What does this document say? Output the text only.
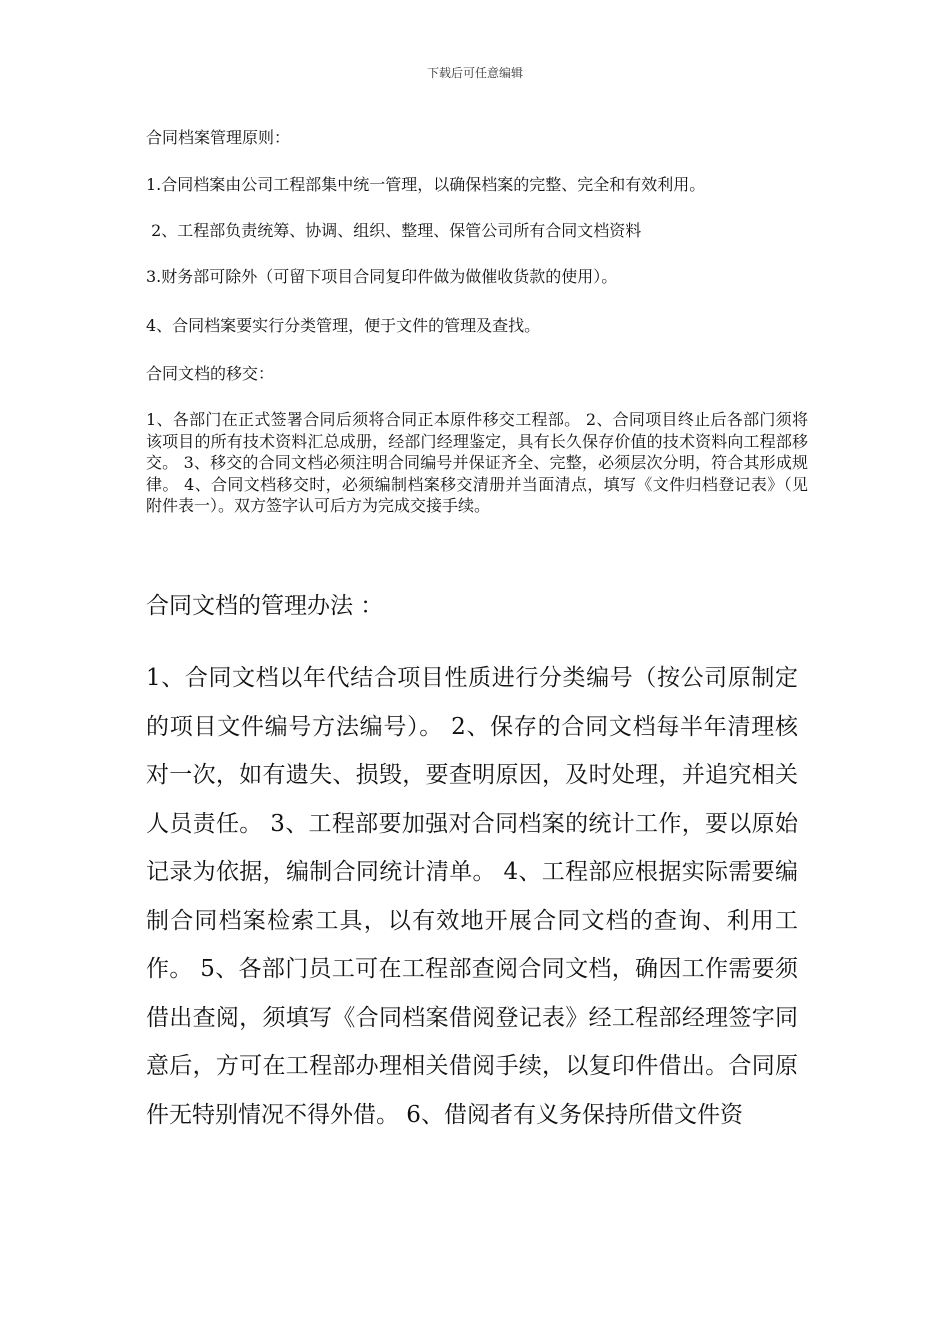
下载后可任意编辑
合同档案管理原则：
1.合同档案由公司工程部集中统一管理，以确保档案的完整、完全和有效利用。
2、工程部负责统筹、协调、组织、整理、保管公司所有合同文档资料
3.财务部可除外（可留下项目合同复印件做为做催收货款的使用）。
4、合同档案要实行分类管理，便于文件的管理及查找。
合同文档的移交：
1、各部门在正式签署合同后须将合同正本原件移交工程部。 2、合同项目终止后各部门须将该项目的所有技术资料汇总成册，经部门经理鉴定，具有长久保存价值的技术资料向工程部移交。 3、移交的合同文档必须注明合同编号并保证齐全、完整，必须层次分明，符合其形成规律。 4、合同文档移交时，必须编制档案移交清册并当面清点，填写《文件归档登记表》（见附件表一）。双方签字认可后方为完成交接手续。
合同文档的管理办法 ：
1、合同文档以年代结合项目性质进行分类编号（按公司原制定的项目文件编号方法编号）。 2、保存的合同文档每半年清理核对一次，如有遗失、损毁，要查明原因，及时处理，并追究相关人员责任。 3、工程部要加强对合同档案的统计工作，要以原始记录为依据，编制合同统计清单。 4、工程部应根据实际需要编制合同档案检索工具，以有效地开展合同文档的查询、利用工作。 5、各部门员工可在工程部查阅合同文档，确因工作需要须借出查阅，须填写《合同档案借阅登记表》经工程部经理签字同意后，方可在工程部办理相关借阅手续，以复印件借出。合同原件无特别情况不得外借。 6、借阅者有义务保持所借文件资
